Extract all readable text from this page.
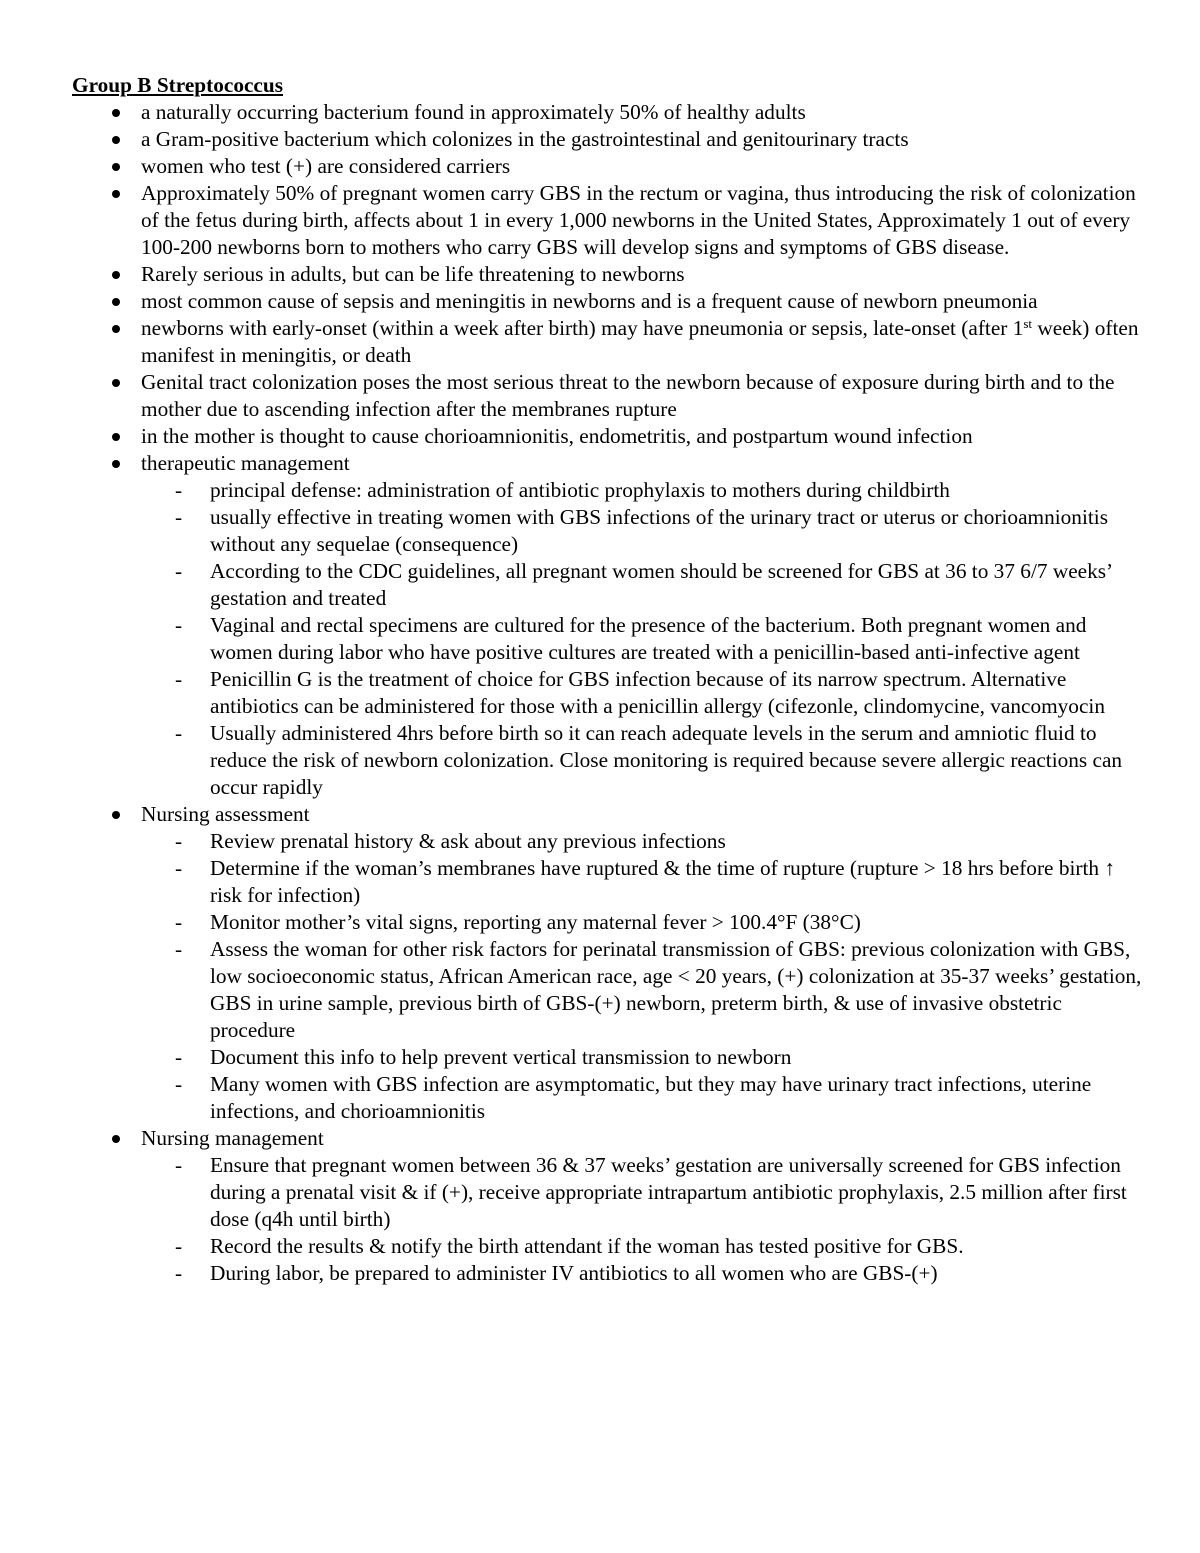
Group B Streptococcus

a naturally occurring bacterium found in approximately 50% of healthy adults
a Gram-positive bacterium which colonizes in the gastrointestinal and genitourinary tracts
women who test (+) are considered carriers
Approximately 50% of pregnant women carry GBS in the rectum or vagina, thus introducing the risk of colonization of the fetus during birth, affects about 1 in every 1,000 newborns in the United States, Approximately 1 out of every 100-200 newborns born to mothers who carry GBS will develop signs and symptoms of GBS disease.
Rarely serious in adults, but can be life threatening to newborns
most common cause of sepsis and meningitis in newborns and is a frequent cause of newborn pneumonia
newborns with early-onset (within a week after birth) may have pneumonia or sepsis, late-onset (after 1st week) often manifest in meningitis, or death
Genital tract colonization poses the most serious threat to the newborn because of exposure during birth and to the mother due to ascending infection after the membranes rupture
in the mother is thought to cause chorioamnionitis, endometritis, and postpartum wound infection
therapeutic management
- principal defense: administration of antibiotic prophylaxis to mothers during childbirth
- usually effective in treating women with GBS infections of the urinary tract or uterus or chorioamnionitis without any sequelae (consequence)
- According to the CDC guidelines, all pregnant women should be screened for GBS at 36 to 37 6/7 weeks’ gestation and treated
- Vaginal and rectal specimens are cultured for the presence of the bacterium. Both pregnant women and women during labor who have positive cultures are treated with a penicillin-based anti-infective agent
- Penicillin G is the treatment of choice for GBS infection because of its narrow spectrum. Alternative antibiotics can be administered for those with a penicillin allergy (cifezonle, clindomycine, vancomyocin
- Usually administered 4hrs before birth so it can reach adequate levels in the serum and amniotic fluid to reduce the risk of newborn colonization. Close monitoring is required because severe allergic reactions can occur rapidly
Nursing assessment
- Review prenatal history & ask about any previous infections
- Determine if the woman’s membranes have ruptured & the time of rupture (rupture > 18 hrs before birth ↑ risk for infection)
- Monitor mother’s vital signs, reporting any maternal fever > 100.4°F (38°C)
- Assess the woman for other risk factors for perinatal transmission of GBS: previous colonization with GBS, low socioeconomic status, African American race, age < 20 years, (+) colonization at 35-37 weeks’ gestation, GBS in urine sample, previous birth of GBS-(+) newborn, preterm birth, & use of invasive obstetric procedure
- Document this info to help prevent vertical transmission to newborn
- Many women with GBS infection are asymptomatic, but they may have urinary tract infections, uterine infections, and chorioamnionitis
Nursing management
- Ensure that pregnant women between 36 & 37 weeks’ gestation are universally screened for GBS infection during a prenatal visit & if (+), receive appropriate intrapartum antibiotic prophylaxis, 2.5 million after first dose (q4h until birth)
- Record the results & notify the birth attendant if the woman has tested positive for GBS.
- During labor, be prepared to administer IV antibiotics to all women who are GBS-(+)
